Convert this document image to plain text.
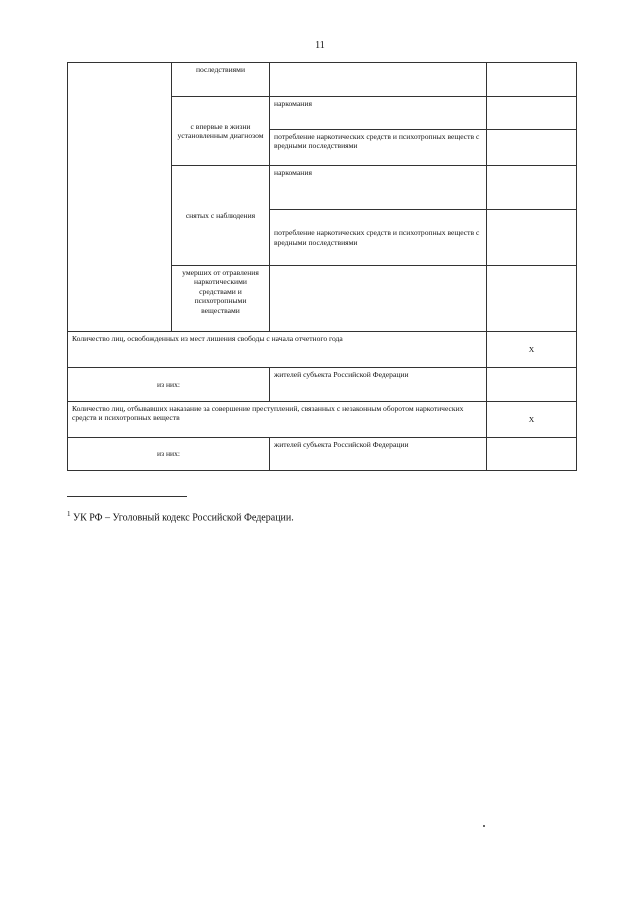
11
	последствиями		
	с впервые в жизни установленным диагнозом	наркомания	
		потребление наркотических средств и психотропных веществ с вредными последствиями	
	снятых с наблюдения	наркомания	
		потребление наркотических средств и психотропных веществ с вредными последствиями	
	умерших от отравления наркотическими средствами и психотропными веществами		

Количество лиц, освобожденных из мест лишения свободы с начала отчетного года			Х
из них:		жителей субъекта Российской Федерации	
Количество лиц, отбывавших наказание за совершение преступлений, связанных с незаконным оборотом наркотических средств и психотропных веществ			Х
из них:		жителей субъекта Российской Федерации	
$^1$ УК РФ – Уголовный кодекс Российской Федерации.
